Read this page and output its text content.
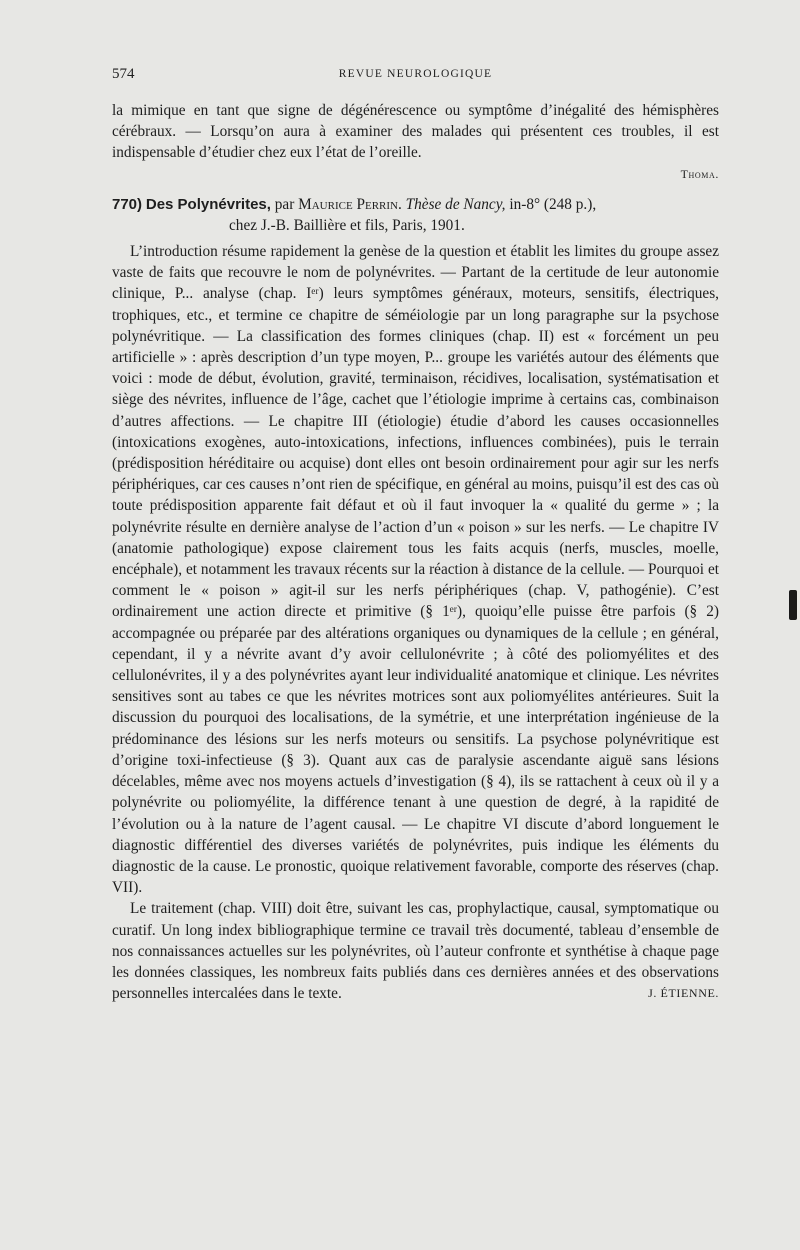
574	REVUE NEUROLOGIQUE

la mimique en tant que signe de dégénérescence ou symptôme d’inégalité des hémisphères cérébraux. — Lorsqu’on aura à examiner des malades qui présentent ces troubles, il est indispensable d’étudier chez eux l’état de l’oreille.

Thoma.

770) Des Polynévrites, par Maurice Perrin. Thèse de Nancy, in-8° (248 p.),
chez J.-B. Baillière et fils, Paris, 1901.

L’introduction résume rapidement la genèse de la question et établit les limites du groupe assez vaste de faits que recouvre le nom de polynévrites. — Partant de la certitude de leur autonomie clinique, P... analyse (chap. Iᵉʳ) leurs symptômes généraux, moteurs, sensitifs, électriques, trophiques, etc., et termine ce chapitre de séméiologie par un long paragraphe sur la psychose polynévritique. — La classification des formes cliniques (chap. II) est « forcément un peu artificielle » : après description d’un type moyen, P... groupe les variétés autour des éléments que voici : mode de début, évolution, gravité, terminaison, récidives, localisation, systématisation et siège des névrites, influence de l’âge, cachet que l’étiologie imprime à certains cas, combinaison d’autres affections. — Le chapitre III (étiologie) étudie d’abord les causes occasionnelles (intoxications exogènes, auto-intoxications, infections, influences combinées), puis le terrain (prédisposition héréditaire ou acquise) dont elles ont besoin ordinairement pour agir sur les nerfs périphériques, car ces causes n’ont rien de spécifique, en général au moins, puisqu’il est des cas où toute prédisposition apparente fait défaut et où il faut invoquer la « qualité du germe » ; la polynévrite résulte en dernière analyse de l’action d’un « poison » sur les nerfs. — Le chapitre IV (anatomie pathologique) expose clairement tous les faits acquis (nerfs, muscles, moelle, encéphale), et notamment les travaux récents sur la réaction à distance de la cellule. — Pourquoi et comment le « poison » agit-il sur les nerfs périphériques (chap. V, pathogénie). C’est ordinairement une action directe et primitive (§ 1ᵉʳ), quoiqu’elle puisse être parfois (§ 2) accompagnée ou préparée par des altérations organiques ou dynamiques de la cellule ; en général, cependant, il y a névrite avant d’y avoir cellulonévrite ; à côté des poliomyélites et des cellulonévrites, il y a des polynévrites ayant leur individualité anatomique et clinique. Les névrites sensitives sont au tabes ce que les névrites motrices sont aux poliomyélites antérieures. Suit la discussion du pourquoi des localisations, de la symétrie, et une interprétation ingénieuse de la prédominance des lésions sur les nerfs moteurs ou sensitifs. La psychose polynévritique est d’origine toxi-infectieuse (§ 3). Quant aux cas de paralysie ascendante aiguë sans lésions décelables, même avec nos moyens actuels d’investigation (§ 4), ils se rattachent à ceux où il y a polynévrite ou poliomyélite, la différence tenant à une question de degré, à la rapidité de l’évolution ou à la nature de l’agent causal. — Le chapitre VI discute d’abord longuement le diagnostic différentiel des diverses variétés de polynévrites, puis indique les éléments du diagnostic de la cause. Le pronostic, quoique relativement favorable, comporte des réserves (chap. VII).

Le traitement (chap. VIII) doit être, suivant les cas, prophylactique, causal, symptomatique ou curatif. Un long index bibliographique termine ce travail très documenté, tableau d’ensemble de nos connaissances actuelles sur les polynévrites, où l’auteur confronte et synthétise à chaque page les données classiques, les nombreux faits publiés dans ces dernières années et des observations personnelles intercalées dans le texte.	J. ÉTIENNE.
